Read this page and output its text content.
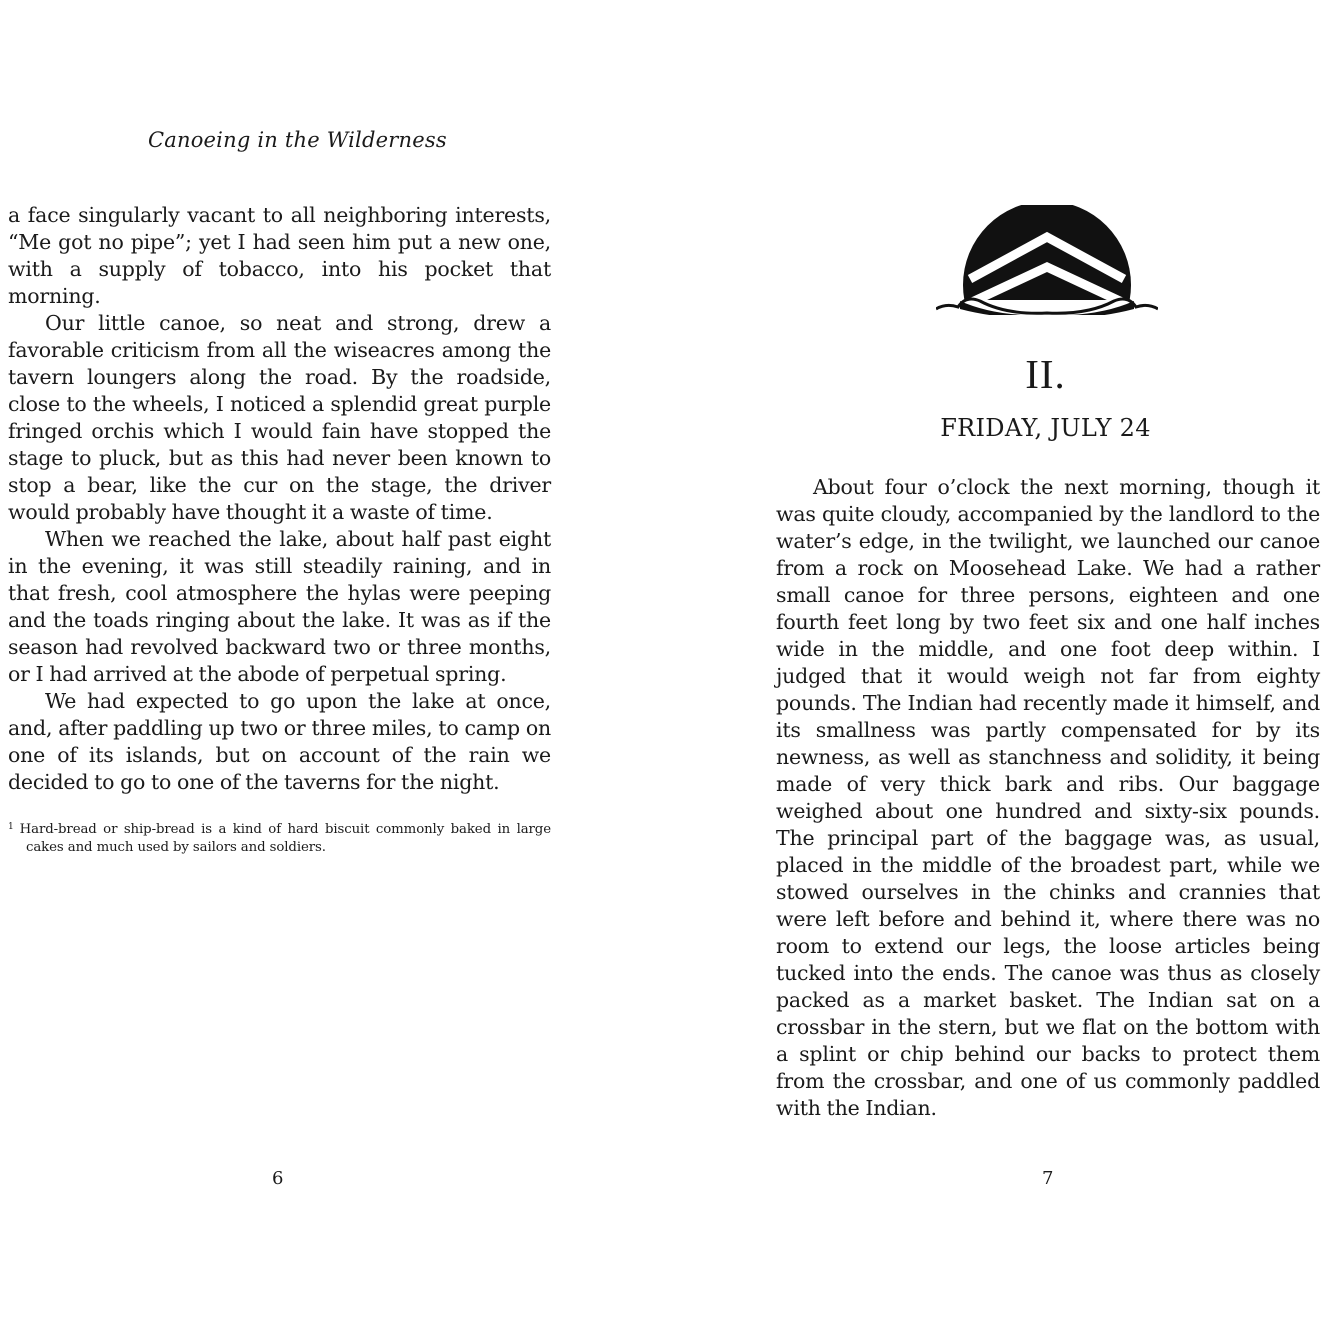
Canoeing in the Wilderness

a face singularly vacant to all neighboring interests, “Me got no pipe”; yet I had seen him put a new one, with a supply of tobacco, into his pocket that morning.

Our little canoe, so neat and strong, drew a favorable criticism from all the wiseacres among the tavern loungers along the road. By the roadside, close to the wheels, I noticed a splendid great purple fringed orchis which I would fain have stopped the stage to pluck, but as this had never been known to stop a bear, like the cur on the stage, the driver would probably have thought it a waste of time.

When we reached the lake, about half past eight in the evening, it was still steadily raining, and in that fresh, cool atmosphere the hylas were peeping and the toads ringing about the lake. It was as if the season had revolved backward two or three months, or I had arrived at the abode of perpetual spring.

We had expected to go upon the lake at once, and, after paddling up two or three miles, to camp on one of its islands, but on account of the rain we decided to go to one of the taverns for the night.

$^1$ Hard-bread or ship-bread is a kind of hard biscuit commonly baked in large cakes and much used by sailors and soldiers.
6
II.
FRIDAY, JULY 24

About four o’clock the next morning, though it was quite cloudy, accompanied by the landlord to the water’s edge, in the twilight, we launched our canoe from a rock on Moosehead Lake. We had a rather small canoe for three persons, eighteen and one fourth feet long by two feet six and one half inches wide in the middle, and one foot deep within. I judged that it would weigh not far from eighty pounds. The Indian had recently made it himself, and its smallness was partly compensated for by its newness, as well as stanchness and solidity, it being made of very thick bark and ribs. Our baggage weighed about one hundred and sixty-six pounds. The principal part of the baggage was, as usual, placed in the middle of the broadest part, while we stowed ourselves in the chinks and crannies that were left before and behind it, where there was no room to extend our legs, the loose articles being tucked into the ends. The canoe was thus as closely packed as a market basket. The Indian sat on a crossbar in the stern, but we flat on the bottom with a splint or chip behind our backs to protect them from the crossbar, and one of us commonly paddled with the Indian.

7
